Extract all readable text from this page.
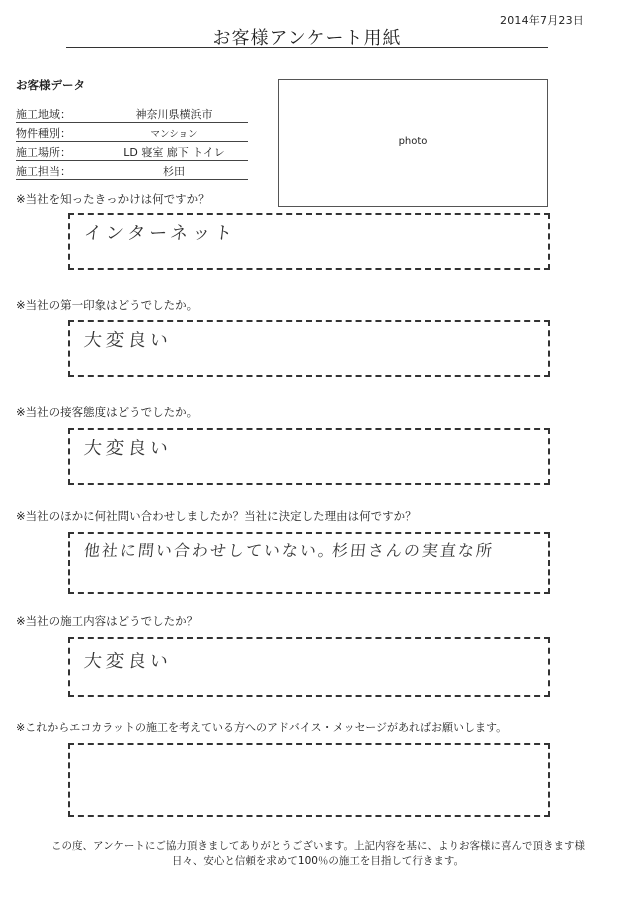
2014年7月23日
お客様アンケート用紙
お客様データ
施工地域：	神奈川県横浜市
物件種別：	マンション
施工場所：	LD 寝室 廊下 トイレ
施工担当：	杉田
photo
※当社を知ったきっかけは何ですか？
インターネット
※当社の第一印象はどうでしたか。
大変良い
※当社の接客態度はどうでしたか。
大変良い
※当社のほかに何社問い合わせしましたか？当社に決定した理由は何ですか？
他社に問い合わせしていない。
杉田さんの実直な所
※当社の施工内容はどうでしたか？
大変良い
※これからエコカラットの施工を考えている方へのアドバイス・メッセージがあればお願いします。
この度、アンケートにご協力頂きましてありがとうございます。上記内容を基に、よりお客様に喜んで頂きます様
日々、安心と信頼を求めて100％の施工を目指して行きます。
